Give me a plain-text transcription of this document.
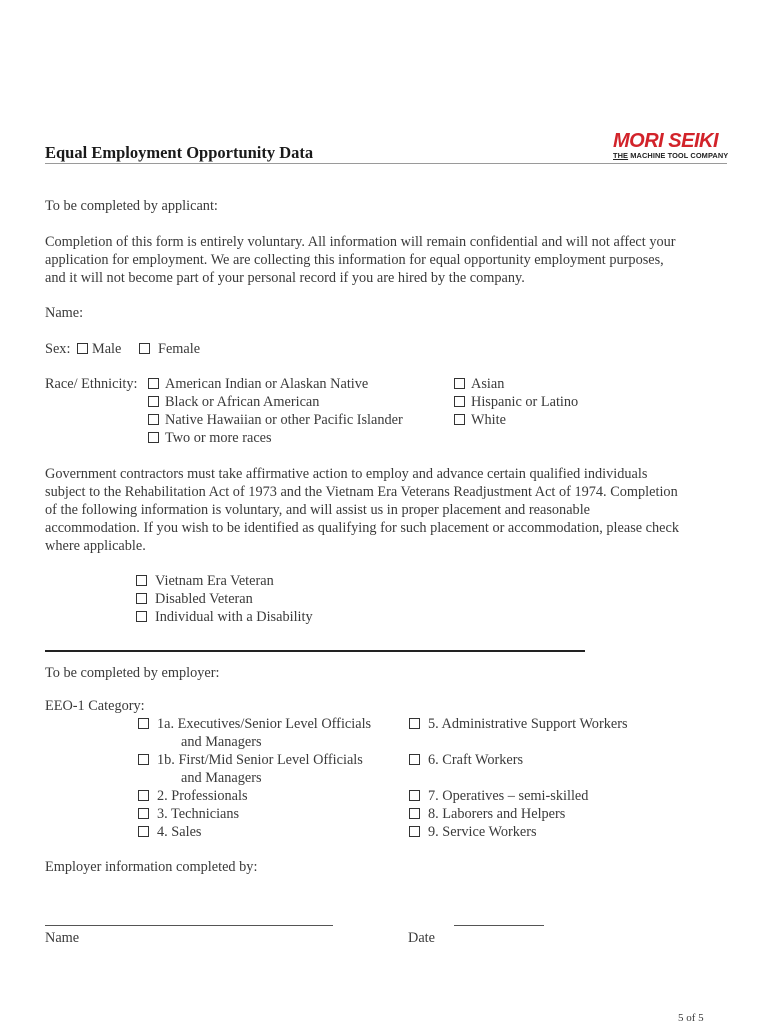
Equal Employment Opportunity Data
MORI SEIKI
THE MACHINE TOOL COMPANY
To be completed by applicant:
Completion of this form is entirely voluntary. All information will remain confidential and will not affect your
application for employment. We are collecting this information for equal opportunity employment purposes,
and it will not become part of your personal record if you are hired by the company.
Name:
Sex:	Male	Female
Race/ Ethnicity:	American Indian or Alaskan Native
Black or African American
Native Hawaiian or other Pacific Islander
Two or more races
Asian
Hispanic or Latino
White
Government contractors must take affirmative action to employ and advance certain qualified individuals
subject to the Rehabilitation Act of 1973 and the Vietnam Era Veterans Readjustment Act of 1974. Completion
of the following information is voluntary, and will assist us in proper placement and reasonable
accommodation. If you wish to be identified as qualifying for such placement or accommodation, please check
where applicable.
Vietnam Era Veteran
Disabled Veteran
Individual with a Disability
To be completed by employer:
EEO-1 Category:
1a. Executives/Senior Level Officials
and Managers
1b. First/Mid Senior Level Officials
and Managers
2. Professionals
3. Technicians
4. Sales
5. Administrative Support Workers
6. Craft Workers
7. Operatives – semi-skilled
8. Laborers and Helpers
9. Service Workers
Employer information completed by:
Name	Date
5 of 5
